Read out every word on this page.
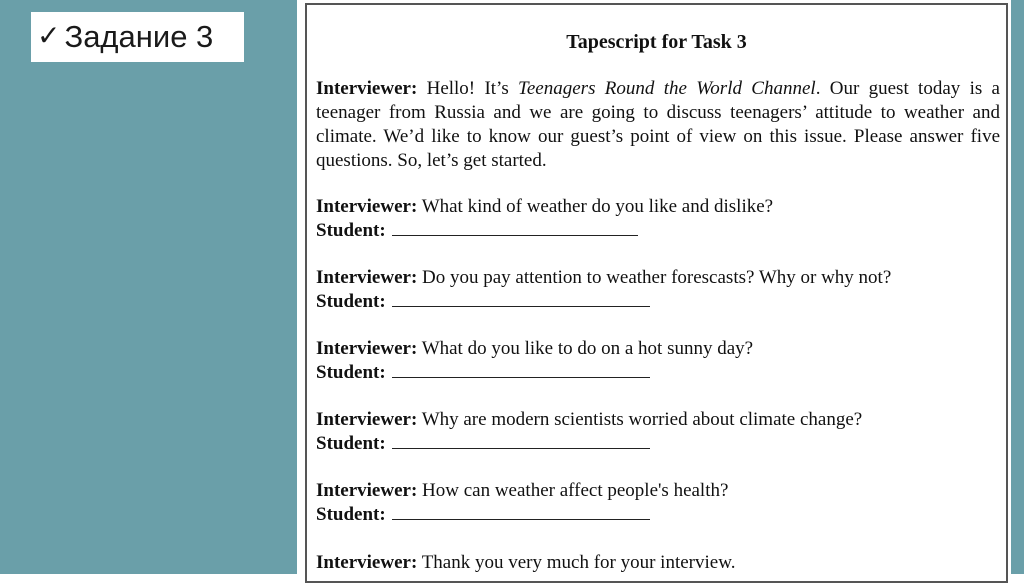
✓ Задание 3	Tapescript for Task 3
Interviewer: Hello! It’s Teenagers Round the World Channel. Our guest today is a teenager from Russia and we are going to discuss teenagers’ attitude to weather and climate. We’d like to know our guest’s point of view on this issue. Please answer five questions. So, let’s get started.
Interviewer: What kind of weather do you like and dislike?
Student:
Interviewer: Do you pay attention to weather forescasts? Why or why not?
Student:
Interviewer: What do you like to do on a hot sunny day?
Student:
Interviewer: Why are modern scientists worried about climate change?
Student:
Interviewer: How can weather affect people's health?
Student:
Interviewer: Thank you very much for your interview.
